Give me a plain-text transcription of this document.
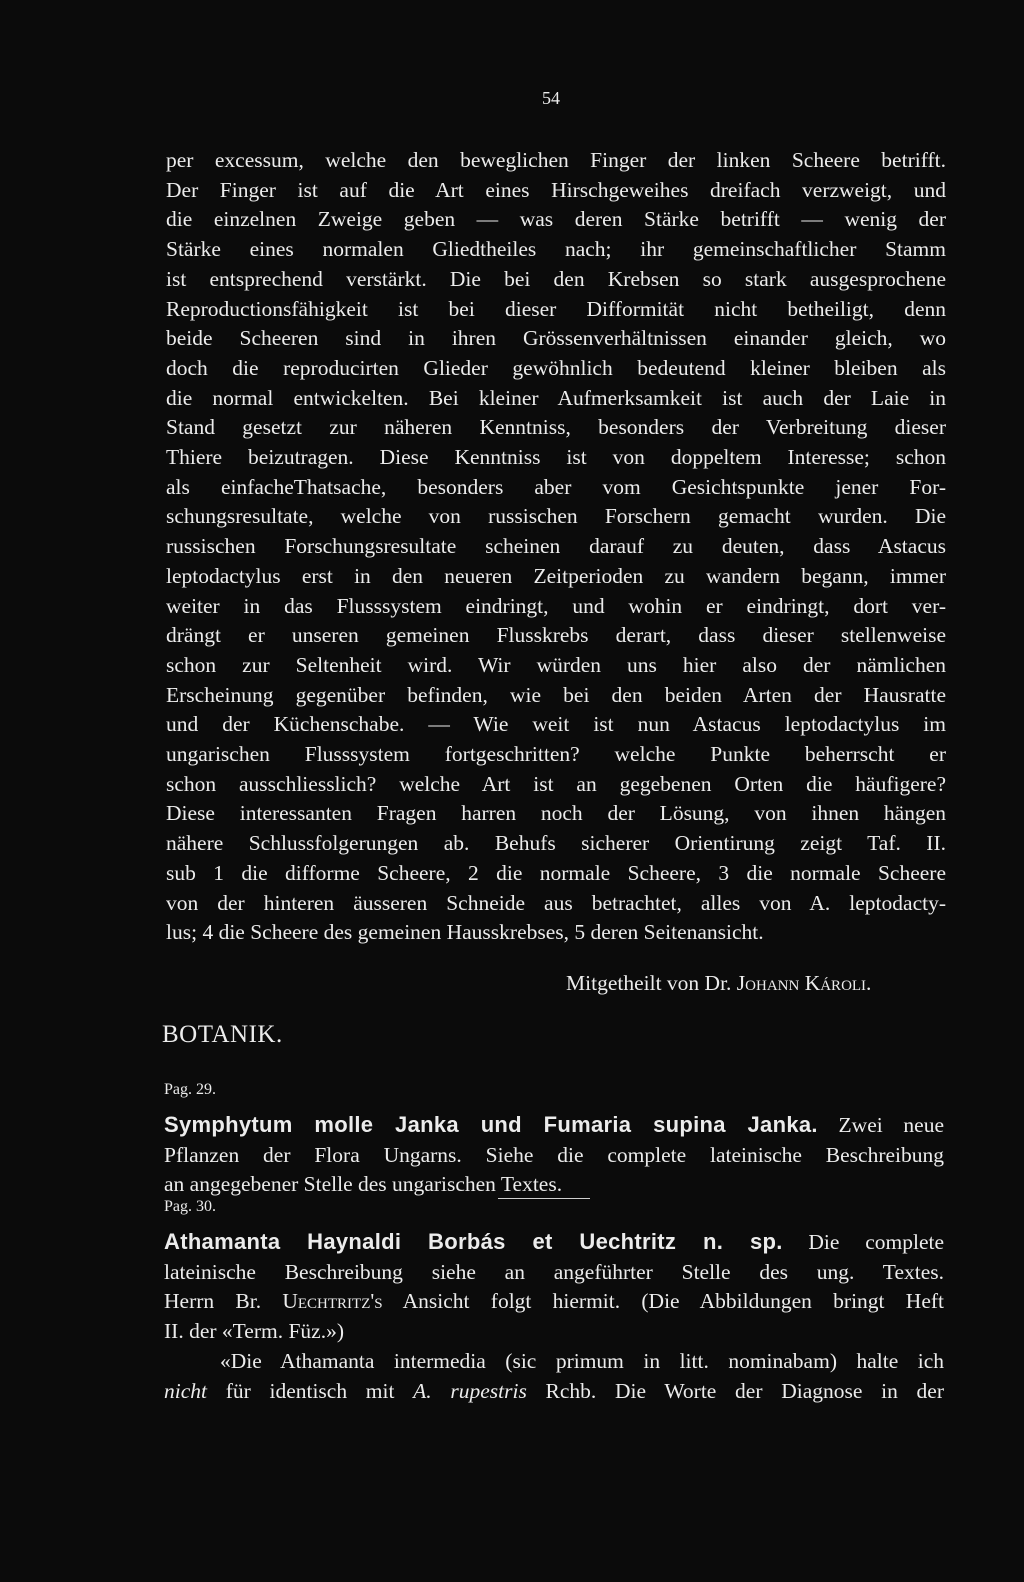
54
per excessum, welche den beweglichen Finger der linken Scheere betrifft.
Der Finger ist auf die Art eines Hirschgeweihes dreifach verzweigt, und
die einzelnen Zweige geben — was deren Stärke betrifft — wenig der
Stärke eines normalen Gliedtheiles nach; ihr gemeinschaftlicher Stamm
ist entsprechend verstärkt. Die bei den Krebsen so stark ausgesprochene
Reproductionsfähigkeit ist bei dieser Difformität nicht betheiligt, denn
beide Scheeren sind in ihren Grössenverhältnissen einander gleich, wo
doch die reproducirten Glieder gewöhnlich bedeutend kleiner bleiben als
die normal entwickelten. Bei kleiner Aufmerksamkeit ist auch der Laie in
Stand gesetzt zur näheren Kenntniss, besonders der Verbreitung dieser
Thiere beizutragen. Diese Kenntniss ist von doppeltem Interesse; schon
als einfacheThatsache, besonders aber vom Gesichtspunkte jener For-
schungsresultate, welche von russischen Forschern gemacht wurden. Die
russischen Forschungsresultate scheinen darauf zu deuten, dass Astacus
leptodactylus erst in den neueren Zeitperioden zu wandern begann, immer
weiter in das Flusssystem eindringt, und wohin er eindringt, dort ver-
drängt er unseren gemeinen Flusskrebs derart, dass dieser stellenweise
schon zur Seltenheit wird. Wir würden uns hier also der nämlichen
Erscheinung gegenüber befinden, wie bei den beiden Arten der Hausratte
und der Küchenschabe. — Wie weit ist nun Astacus leptodactylus im
ungarischen Flusssystem fortgeschritten? welche Punkte beherrscht er
schon ausschliesslich? welche Art ist an gegebenen Orten die häufigere?
Diese interessanten Fragen harren noch der Lösung, von ihnen hängen
nähere Schlussfolgerungen ab. Behufs sicherer Orientirung zeigt Taf. II.
sub 1 die difforme Scheere, 2 die normale Scheere, 3 die normale Scheere
von der hinteren äusseren Schneide aus betrachtet, alles von A. leptodacty-
lus; 4 die Scheere des gemeinen Hausskrebses, 5 deren Seitenansicht.
Mitgetheilt von Dr. Johann Károli.
BOTANIK.
Pag. 29.
Symphytum molle Janka und Fumaria supina Janka. Zwei neue
Pflanzen der Flora Ungarns. Siehe die complete lateinische Beschreibung
an angegebener Stelle des ungarischen Textes.
Pag. 30.
Athamanta Haynaldi Borbás et Uechtritz n. sp. Die complete
lateinische Beschreibung siehe an angeführter Stelle des ung. Textes.
Herrn Br. Uechtritz's Ansicht folgt hiermit. (Die Abbildungen bringt Heft
II. der «Term. Füz.»)
«Die Athamanta intermedia (sic primum in litt. nominabam) halte ich
nicht für identisch mit A. rupestris Rchb. Die Worte der Diagnose in der
